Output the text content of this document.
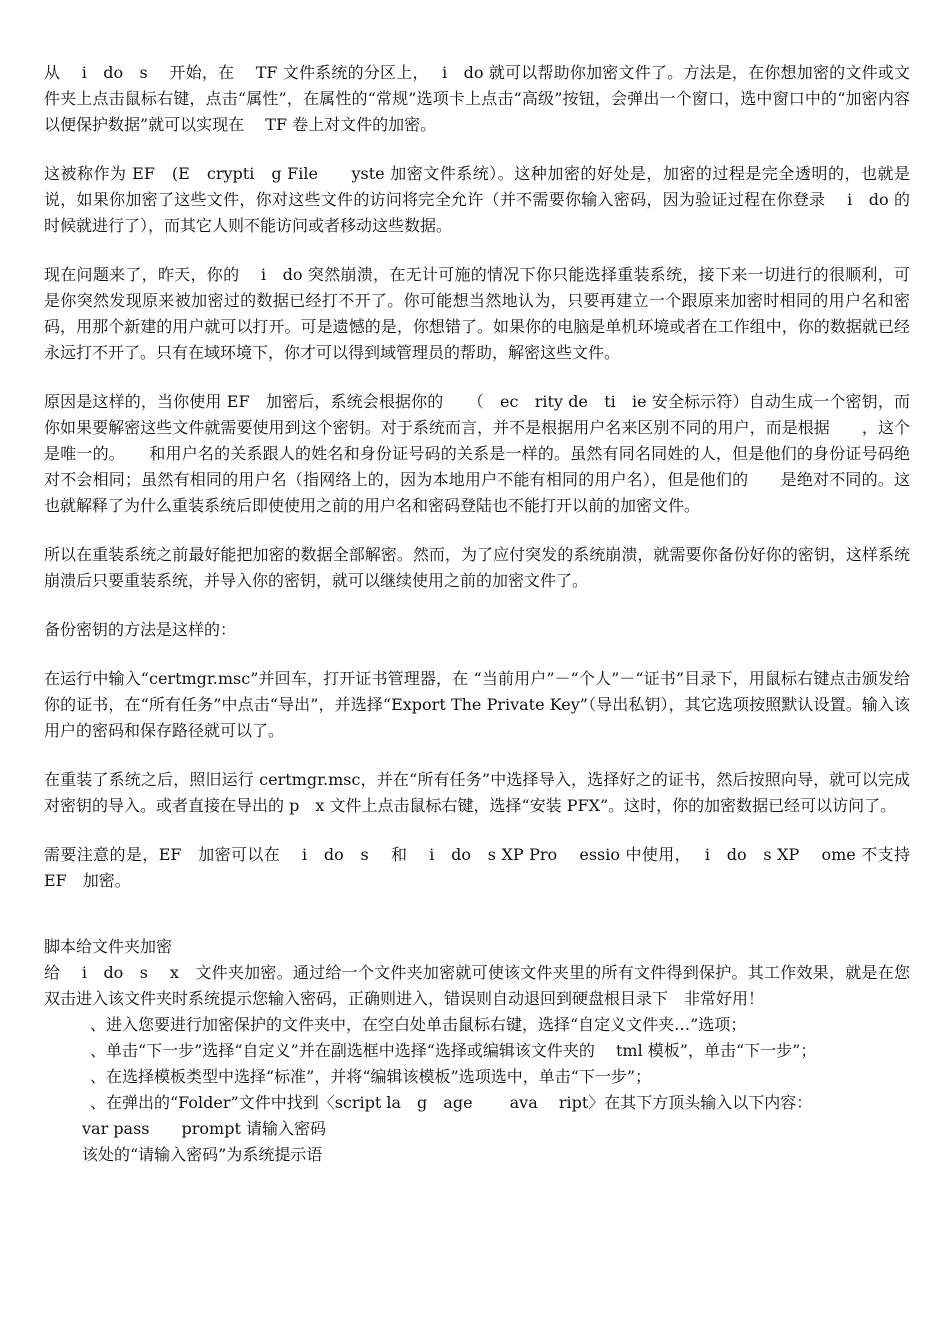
从　 i　do　s　 开始，在　 TF 文件系统的分区上，　 i　do 就可以帮助你加密文件了。方法是，在你想加密的文件或文件夹上点击鼠标右键，点击“属性”，在属性的“常规”选项卡上点击“高级”按钮，会弹出一个窗口，选中窗口中的“加密内容以便保护数据”就可以实现在　 TF 卷上对文件的加密。

这被称作为 EF　(E　crypti　g File　　yste 加密文件系统）。这种加密的好处是，加密的过程是完全透明的，也就是说，如果你加密了这些文件，你对这些文件的访问将完全允许（并不需要你输入密码，因为验证过程在你登录　 i　do 的时候就进行了），而其它人则不能访问或者移动这些数据。

现在问题来了，昨天，你的　 i　do 突然崩溃，在无计可施的情况下你只能选择重装系统，接下来一切进行的很顺利，可是你突然发现原来被加密过的数据已经打不开了。你可能想当然地认为，只要再建立一个跟原来加密时相同的用户名和密码，用那个新建的用户就可以打开。可是遗憾的是，你想错了。如果你的电脑是单机环境或者在工作组中，你的数据就已经永远打不开了。只有在域环境下，你才可以得到域管理员的帮助，解密这些文件。

原因是这样的，当你使用 EF　加密后，系统会根据你的　　（　ec　rity de　ti　ie 安全标示符）自动生成一个密钥，而你如果要解密这些文件就需要使用到这个密钥。对于系统而言，并不是根据用户名来区别不同的用户，而是根据　　，这个　　是唯一的。　　和用户名的关系跟人的姓名和身份证号码的关系是一样的。虽然有同名同姓的人，但是他们的身份证号码绝对不会相同；虽然有相同的用户名（指网络上的，因为本地用户不能有相同的用户名），但是他们的　　是绝对不同的。这也就解释了为什么重装系统后即使使用之前的用户名和密码登陆也不能打开以前的加密文件。

所以在重装系统之前最好能把加密的数据全部解密。然而，为了应付突发的系统崩溃，就需要你备份好你的密钥，这样系统崩溃后只要重装系统，并导入你的密钥，就可以继续使用之前的加密文件了。

备份密钥的方法是这样的：

在运行中输入“certmgr.msc”并回车，打开证书管理器，在 “当前用户”－“个人”－“证书”目录下，用鼠标右键点击颁发给你的证书，在“所有任务”中点击“导出”，并选择“Export The Private Key”（导出私钥），其它选项按照默认设置。输入该用户的密码和保存路径就可以了。

在重装了系统之后，照旧运行 certmgr.msc，并在“所有任务”中选择导入，选择好之的证书，然后按照向导，就可以完成对密钥的导入。或者直接在导出的 p　x 文件上点击鼠标右键，选择“安装 PFX”。这时，你的加密数据已经可以访问了。

需要注意的是，EF　加密可以在　 i　do　s　 和　 i　do　s XP Pro　 essio 中使用，　 i　do　s XP　 ome 不支持 EF　加密。

脚本给文件夹加密

给　 i　do　s　 x　文件夹加密。通过给一个文件夹加密就可使该文件夹里的所有文件得到保护。其工作效果，就是在您双击进入该文件夹时系统提示您输入密码，正确则进入，错误则自动退回到硬盘根目录下　非常好用！

、进入您要进行加密保护的文件夹中，在空白处单击鼠标右键，选择“自定义文件夹…”选项；

、单击“下一步”选择“自定义”并在副选框中选择“选择或编辑该文件夹的　 tml 模板”，单击“下一步”；

、在选择模板类型中选择“标准”，并将“编辑该模板”选项选中，单击“下一步”；

、在弹出的“Folder”文件中找到〈script la　g　age　　 ava　 ript〉在其下方顶头输入以下内容：

var pass　　prompt 请输入密码

该处的“请输入密码”为系统提示语
